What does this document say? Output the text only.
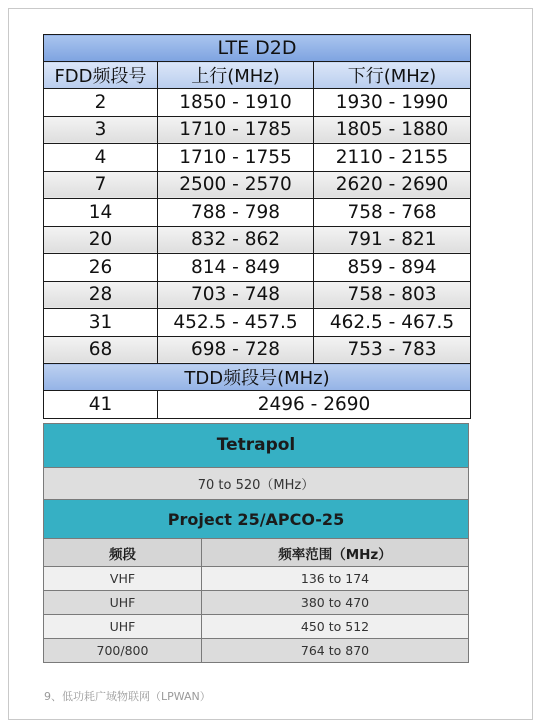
LTE D2D		
FDD频段号	上行(MHz)	下行(MHz)
2	1850 - 1910	1930 - 1990
3	1710 - 1785	1805 - 1880
4	1710 - 1755	2110 - 2155
7	2500 - 2570	2620 - 2690
14	788 - 798	758 - 768
20	832 - 862	791 - 821
26	814 - 849	859 - 894
28	703 - 748	758 - 803
31	452.5 - 457.5	462.5 - 467.5
68	698 - 728	753 - 783
TDD频段号(MHz)		
41	2496 - 2690	
Tetrapol	
70 to 520（MHz）	
Project 25/APCO-25	
频段	频率范围（MHz）
VHF	136 to 174
UHF	380 to 470
UHF	450 to 512
700/800	764 to 870
9、低功耗广域物联网（LPWAN）
